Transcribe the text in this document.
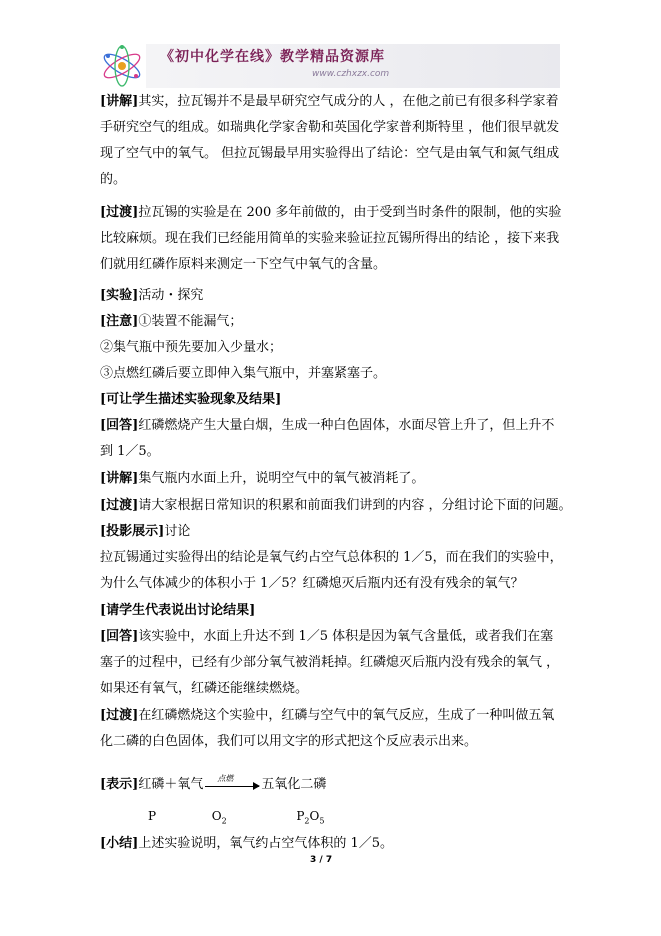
《初中化学在线》教学精品资源库
www.czhxzx.com
[讲解]其实，拉瓦锡并不是最早研究空气成分的人 ，在他之前已有很多科学家着
手研究空气的组成。如瑞典化学家舍勒和英国化学家普利斯特里 ，他们很早就发
现了空气中的氧气。 但拉瓦锡最早用实验得出了结论：空气是由氧气和氮气组成
的。
[过渡]拉瓦锡的实验是在 200 多年前做的，由于受到当时条件的限制，他的实验
比较麻烦。现在我们已经能用简单的实验来验证拉瓦锡所得出的结论 ，接下来我
们就用红磷作原料来测定一下空气中氧气的含量。
[实验]活动・探究
[注意]①装置不能漏气；
②集气瓶中预先要加入少量水；
③点燃红磷后要立即伸入集气瓶中，并塞紧塞子。
[可让学生描述实验现象及结果]
[回答]红磷燃烧产生大量白烟，生成一种白色固体，水面尽管上升了，但上升不
到 1／5。
[讲解]集气瓶内水面上升，说明空气中的氧气被消耗了。
[过渡]请大家根据日常知识的积累和前面我们讲到的内容 ，分组讨论下面的问题。
[投影展示]讨论
拉瓦锡通过实验得出的结论是氧气约占空气总体积的 1／5，而在我们的实验中，
为什么气体减少的体积小于 1／5？红磷熄灭后瓶内还有没有残余的氧气？
[请学生代表说出讨论结果]
[回答]该实验中，水面上升达不到 1／5 体积是因为氧气含量低，或者我们在塞
塞子的过程中，已经有少部分氧气被消耗掉。红磷熄灭后瓶内没有残余的氧气 ，
如果还有氧气，红磷还能继续燃烧。
[过渡]在红磷燃烧这个实验中，红磷与空气中的氧气反应，生成了一种叫做五氧
化二磷的白色固体，我们可以用文字的形式把这个反应表示出来。
[表示]红磷＋氧气 点燃 五氧化二磷
P	$O_2$	$P_2O_5$
[小结]上述实验说明，氧气约占空气体积的 1／5。
3 / 7
